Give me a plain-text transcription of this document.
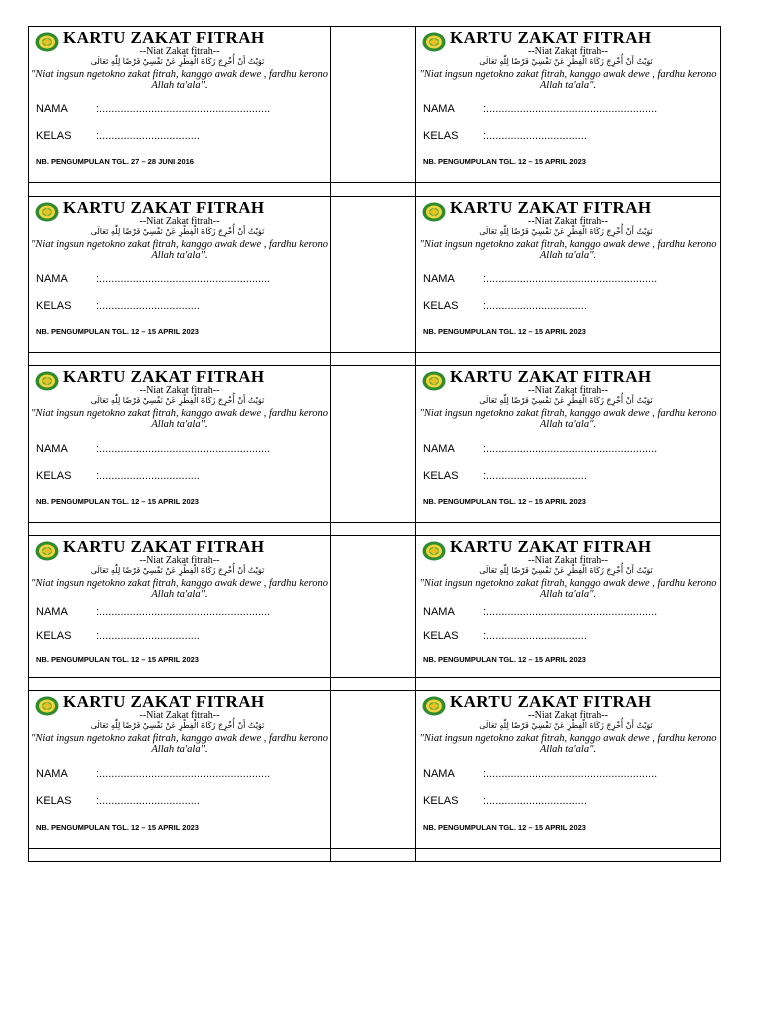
KARTU ZAKAT FITRAH
--Niat Zakat fitrah--
نَوَيْتُ أَنْ أُخْرِجَ زَكَاةَ الْفِطْرِ عَنْ نَفْسِيْ فَرْضًا لِلّٰهِ تَعَالَى
"Niat ingsun ngetokno zakat fitrah, kanggo awak dewe , fardhu kerono Allah ta'ala".
NAMA	:........................................................
KELAS :.................................
NB. PENGUMPULAN TGL. 27 – 28 JUNI 2016
KARTU ZAKAT FITRAH
--Niat Zakat fitrah--
نَوَيْتُ أَنْ أُخْرِجَ زَكَاةَ الْفِطْرِ عَنْ نَفْسِيْ فَرْضًا لِلّٰهِ تَعَالَى
"Niat ingsun ngetokno zakat fitrah, kanggo awak dewe , fardhu kerono Allah ta'ala".
NAMA	:........................................................
KELAS :.................................
NB. PENGUMPULAN TGL. 12 – 15 APRIL 2023
KARTU ZAKAT FITRAH
--Niat Zakat fitrah--
نَوَيْتُ أَنْ أُخْرِجَ زَكَاةَ الْفِطْرِ عَنْ نَفْسِيْ فَرْضًا لِلّٰهِ تَعَالَى
"Niat ingsun ngetokno zakat fitrah, kanggo awak dewe , fardhu kerono Allah ta'ala".
NAMA	:........................................................
KELAS :.................................
NB. PENGUMPULAN TGL. 12 – 15 APRIL 2023
KARTU ZAKAT FITRAH
--Niat Zakat fitrah--
نَوَيْتُ أَنْ أُخْرِجَ زَكَاةَ الْفِطْرِ عَنْ نَفْسِيْ فَرْضًا لِلّٰهِ تَعَالَى
"Niat ingsun ngetokno zakat fitrah, kanggo awak dewe , fardhu kerono Allah ta'ala".
NAMA	:........................................................
KELAS :.................................
NB. PENGUMPULAN TGL. 12 – 15 APRIL 2023
KARTU ZAKAT FITRAH
--Niat Zakat fitrah--
نَوَيْتُ أَنْ أُخْرِجَ زَكَاةَ الْفِطْرِ عَنْ نَفْسِيْ فَرْضًا لِلّٰهِ تَعَالَى
"Niat ingsun ngetokno zakat fitrah, kanggo awak dewe , fardhu kerono Allah ta'ala".
NAMA	:........................................................
KELAS :.................................
NB. PENGUMPULAN TGL. 12 – 15 APRIL 2023
KARTU ZAKAT FITRAH
--Niat Zakat fitrah--
نَوَيْتُ أَنْ أُخْرِجَ زَكَاةَ الْفِطْرِ عَنْ نَفْسِيْ فَرْضًا لِلّٰهِ تَعَالَى
"Niat ingsun ngetokno zakat fitrah, kanggo awak dewe , fardhu kerono Allah ta'ala".
NAMA	:........................................................
KELAS :.................................
NB. PENGUMPULAN TGL. 12 – 15 APRIL 2023
KARTU ZAKAT FITRAH
--Niat Zakat fitrah--
نَوَيْتُ أَنْ أُخْرِجَ زَكَاةَ الْفِطْرِ عَنْ نَفْسِيْ فَرْضًا لِلّٰهِ تَعَالَى
"Niat ingsun ngetokno zakat fitrah, kanggo awak dewe , fardhu kerono Allah ta'ala".
NAMA	:........................................................
KELAS :.................................
NB. PENGUMPULAN TGL. 12 – 15 APRIL 2023
KARTU ZAKAT FITRAH
--Niat Zakat fitrah--
نَوَيْتُ أَنْ أُخْرِجَ زَكَاةَ الْفِطْرِ عَنْ نَفْسِيْ فَرْضًا لِلّٰهِ تَعَالَى
"Niat ingsun ngetokno zakat fitrah, kanggo awak dewe , fardhu kerono Allah ta'ala".
NAMA	:........................................................
KELAS :.................................
NB. PENGUMPULAN TGL. 12 – 15 APRIL 2023
KARTU ZAKAT FITRAH
--Niat Zakat fitrah--
نَوَيْتُ أَنْ أُخْرِجَ زَكَاةَ الْفِطْرِ عَنْ نَفْسِيْ فَرْضًا لِلّٰهِ تَعَالَى
"Niat ingsun ngetokno zakat fitrah, kanggo awak dewe , fardhu kerono Allah ta'ala".
NAMA	:........................................................
KELAS :.................................
NB. PENGUMPULAN TGL. 12 – 15 APRIL 2023
KARTU ZAKAT FITRAH
--Niat Zakat fitrah--
نَوَيْتُ أَنْ أُخْرِجَ زَكَاةَ الْفِطْرِ عَنْ نَفْسِيْ فَرْضًا لِلّٰهِ تَعَالَى
"Niat ingsun ngetokno zakat fitrah, kanggo awak dewe , fardhu kerono Allah ta'ala".
NAMA	:........................................................
KELAS :.................................
NB. PENGUMPULAN TGL. 12 – 15 APRIL 2023
